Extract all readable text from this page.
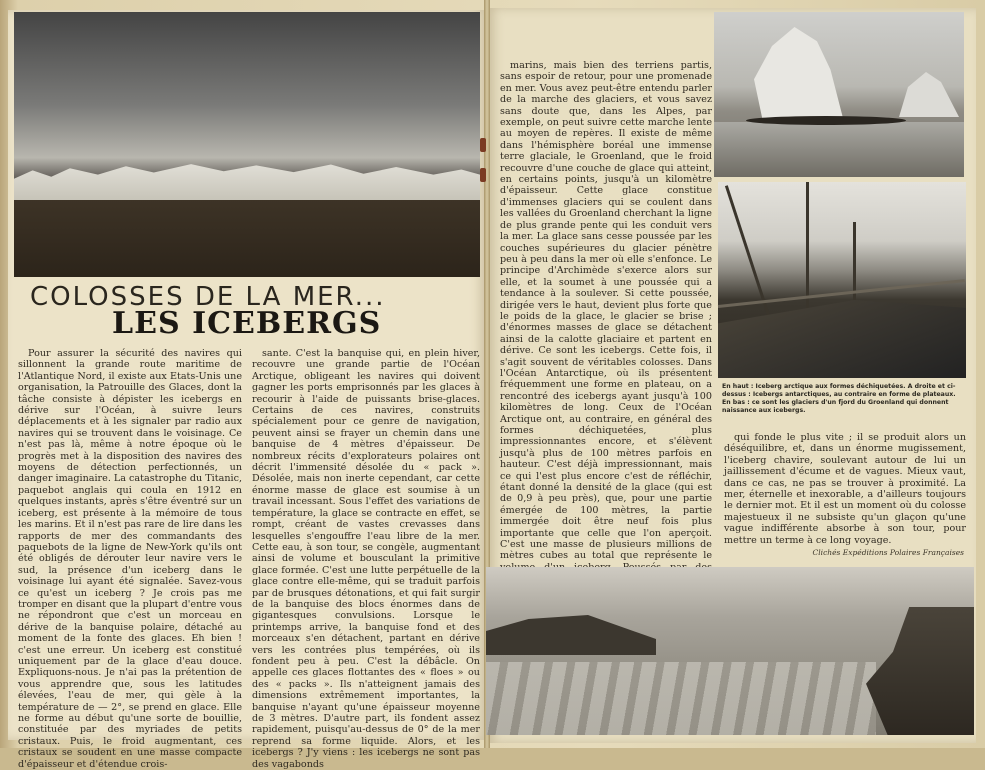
En haut : Iceberg arctique aux formes déchiquetées. A droite et ci-dessus : Icebergs antarctiques, au contraire en forme de plateaux. En bas : ce sont les glaciers d'un fjord du Groenland qui donnent naissance aux icebergs.
COLOSSES DE LA MER...
LES ICEBERGS
Pour assurer la sécurité des navires qui sillonnent la grande route maritime de l'Atlantique Nord, il existe aux Etats-Unis une organisation, la Patrouille des Glaces, dont la tâche consiste à dépister les icebergs en dérive sur l'Océan, à suivre leurs déplacements et à les signaler par radio aux navires qui se trouvent dans le voisinage. Ce n'est pas là, même à notre époque où le progrès met à la disposition des navires des moyens de détection perfectionnés, un danger imaginaire. La catastrophe du Titanic, paquebot anglais qui coula en 1912 en quelques instants, après s'être éventré sur un iceberg, est présente à la mémoire de tous les marins. Et il n'est pas rare de lire dans les rapports de mer des commandants des paquebots de la ligne de New-York qu'ils ont été obligés de dérouter leur navire vers le sud, la présence d'un iceberg dans le voisinage lui ayant été signalée. Savez-vous ce qu'est un iceberg ? Je crois pas me tromper en disant que la plupart d'entre vous ne répondront que c'est un morceau en dérive de la banquise polaire, détaché au moment de la fonte des glaces. Eh bien ! c'est une erreur. Un iceberg est constitué uniquement par de la glace d'eau douce. Expliquons-nous. Je n'ai pas la prétention de vous apprendre que, sous les latitudes élevées, l'eau de mer, qui gèle à la température de — 2°, se prend en glace. Elle ne forme au début qu'une sorte de bouillie, constituée par des myriades de petits cristaux. Puis, le froid augmentant, ces cristaux se soudent en une masse compacte d'épaisseur et d'étendue crois-
sante. C'est la banquise qui, en plein hiver, recouvre une grande partie de l'Océan Arctique, obligeant les navires qui doivent gagner les ports emprisonnés par les glaces à recourir à l'aide de puissants brise-glaces. Certains de ces navires, construits spécialement pour ce genre de navigation, peuvent ainsi se frayer un chemin dans une banquise de 4 mètres d'épaisseur. De nombreux récits d'explorateurs polaires ont décrit l'immensité désolée du « pack ». Désolée, mais non inerte cependant, car cette énorme masse de glace est soumise à un travail incessant. Sous l'effet des variations de température, la glace se contracte en effet, se rompt, créant de vastes crevasses dans lesquelles s'engouffre l'eau libre de la mer. Cette eau, à son tour, se congèle, augmentant ainsi de volume et bousculant la primitive glace formée. C'est une lutte perpétuelle de la glace contre elle-même, qui se traduit parfois par de brusques détonations, et qui fait surgir de la banquise des blocs énormes dans de gigantesques convulsions. Lorsque le printemps arrive, la banquise fond et des morceaux s'en détachent, partant en dérive vers les contrées plus tempérées, où ils fondent peu à peu. C'est la débâcle. On appelle ces glaces flottantes des « floes » ou des « packs ». Ils n'atteignent jamais des dimensions extrêmement importantes, la banquise n'ayant qu'une épaisseur moyenne de 3 mètres. D'autre part, ils fondent assez rapidement, puisqu'au-dessus de 0° de la mer reprend sa forme liquide. Alors, et les icebergs ? J'y viens : les icebergs ne sont pas des vagabonds
marins, mais bien des terriens partis, sans espoir de retour, pour une promenade en mer. Vous avez peut-être entendu parler de la marche des glaciers, et vous savez sans doute que, dans les Alpes, par exemple, on peut suivre cette marche lente au moyen de repères. Il existe de même dans l'hémisphère boréal une immense terre glaciale, le Groenland, que le froid recouvre d'une couche de glace qui atteint, en certains points, jusqu'à un kilomètre d'épaisseur. Cette glace constitue d'immenses glaciers qui se coulent dans les vallées du Groenland cherchant la ligne de plus grande pente qui les conduit vers la mer. La glace sans cesse poussée par les couches supérieures du glacier pénètre peu à peu dans la mer où elle s'enfonce. Le principe d'Archimède s'exerce alors sur elle, et la soumet à une poussée qui a tendance à la soulever. Si cette poussée, dirigée vers le haut, devient plus forte que le poids de la glace, le glacier se brise ; d'énormes masses de glace se détachent ainsi de la calotte glaciaire et partent en dérive. Ce sont les icebergs. Cette fois, il s'agit souvent de véritables colosses. Dans l'Océan Antarctique, où ils présentent fréquemment une forme en plateau, on a rencontré des icebergs ayant jusqu'à 100 kilomètres de long. Ceux de l'Océan Arctique ont, au contraire, en général des formes déchiquetées, plus impressionnantes encore, et s'élèvent jusqu'à plus de 100 mètres parfois en hauteur. C'est déjà impressionnant, mais ce qui l'est plus encore c'est de réfléchir, étant donné la densité de la glace (qui est de 0,9 à peu près), que, pour une partie émergée de 100 mètres, la partie immergée doit être neuf fois plus importante que celle que l'on aperçoit. C'est une masse de plusieurs millions de mètres cubes au total que représente le
qui fonde le plus vite ; il se produit alors un déséquilibre, et, dans un énorme mugissement, l'iceberg chavire, soulevant autour de lui un jaillissement d'écume et de vagues. Mieux vaut, dans ce cas, ne pas se trouver à proximité. La mer, éternelle et inexorable, a d'ailleurs toujours le dernier mot. Et il est un moment où du colosse majestueux il ne subsiste qu'un glaçon qu'une vague indifférente absorbe à son tour, pour mettre un terme à ce long voyage.
Clichés Expéditions Polaires Françaises
